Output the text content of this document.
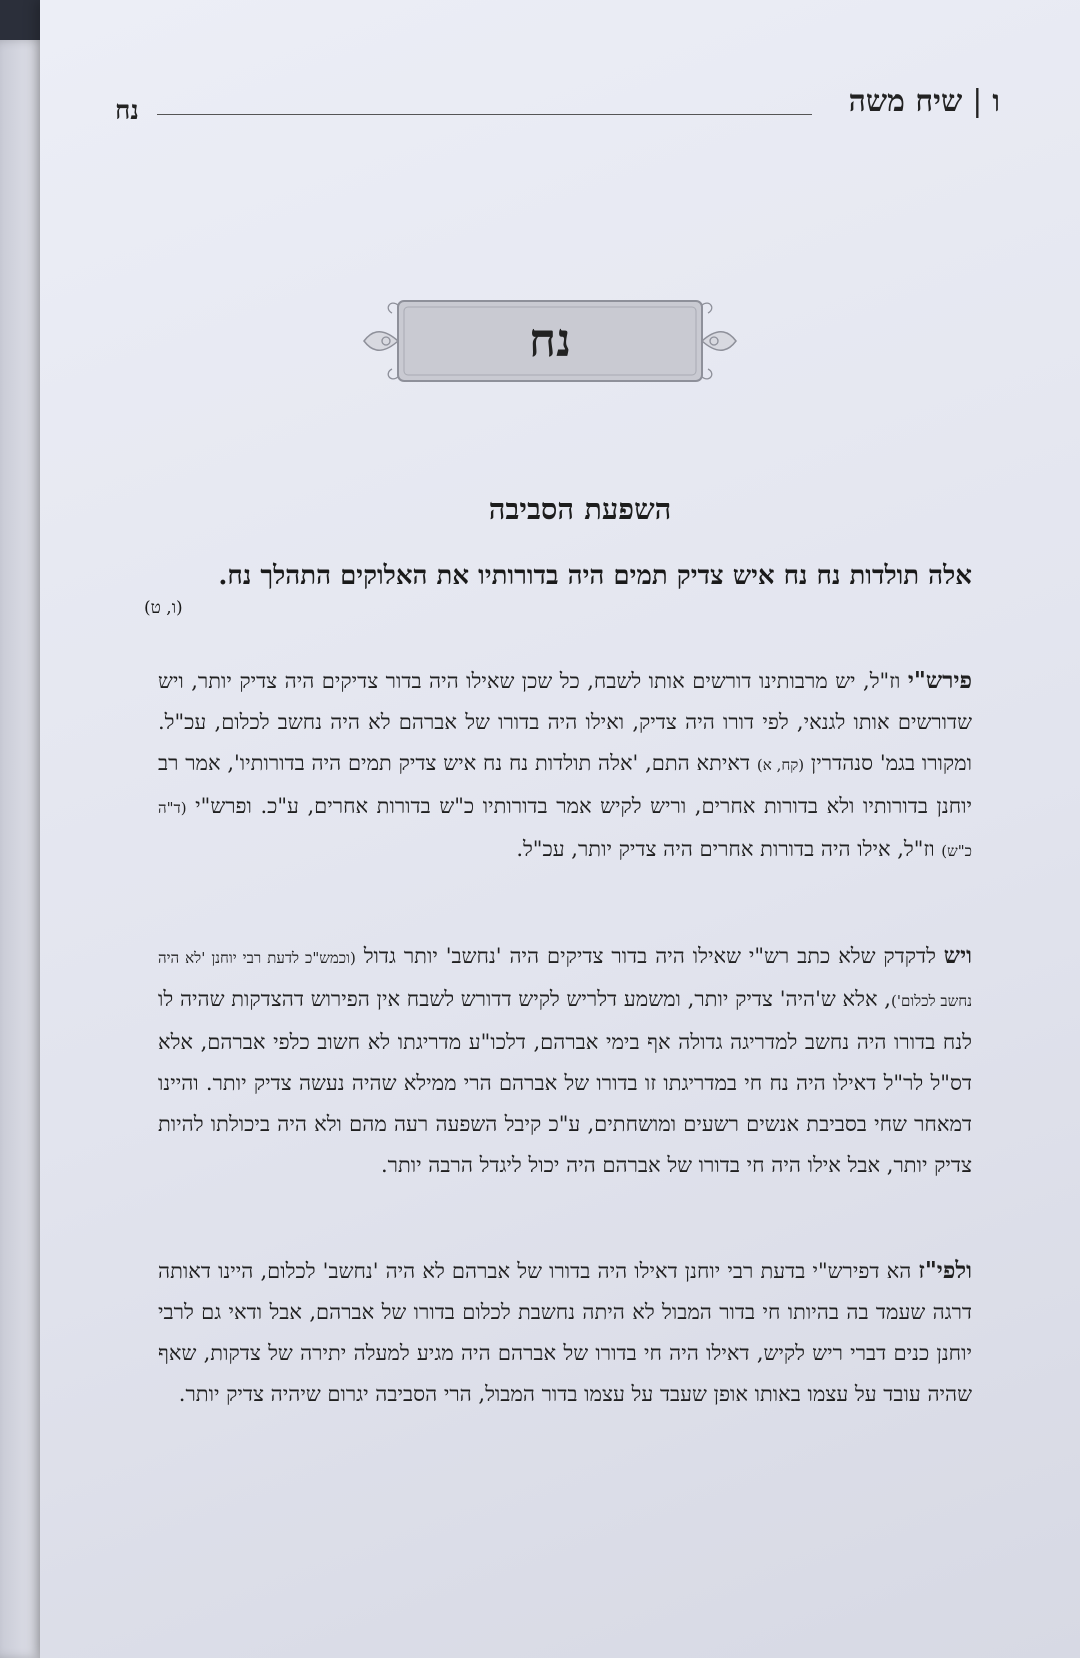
ו|שיח משה
נח
נח
השפעת הסביבה
אלה תולדות נח נח איש צדיק תמים היה בדורותיו את האלוקים התהלך נח.
(ו, ט)
פירש"י וז"ל, יש מרבותינו דורשים אותו לשבח, כל שכן שאילו היה בדור צדיקים היה צדיק יותר, ויש שדורשים אותו לגנאי, לפי דורו היה צדיק, ואילו היה בדורו של אברהם לא היה נחשב לכלום, עכ"ל. ומקורו בגמ' סנהדרין (קח, א) דאיתא התם, 'אלה תולדות נח נח איש צדיק תמים היה בדורותיו', אמר רב יוחנן בדורותיו ולא בדורות אחרים, וריש לקיש אמר בדורותיו כ"ש בדורות אחרים, ע"כ. ופרש"י (ד"ה כ"ש) וז"ל, אילו היה בדורות אחרים היה צדיק יותר, עכ"ל.
ויש לדקדק שלא כתב רש"י שאילו היה בדור צדיקים היה 'נחשב' יותר גדול (וכמש"כ לדעת רבי יוחנן 'לא היה נחשב לכלום'), אלא ש'היה' צדיק יותר, ומשמע דלריש לקיש דדורש לשבח אין הפירוש דהצדקות שהיה לו לנח בדורו היה נחשב למדריגה גדולה אף בימי אברהם, דלכו"ע מדריגתו לא חשוב כלפי אברהם, אלא דס"ל לר"ל דאילו היה נח חי במדריגתו זו בדורו של אברהם הרי ממילא שהיה נעשה צדיק יותר. והיינו דמאחר שחי בסביבת אנשים רשעים ומושחתים, ע"כ קיבל השפעה רעה מהם ולא היה ביכולתו להיות צדיק יותר, אבל אילו היה חי בדורו של אברהם היה יכול ליגדל הרבה יותר.
ולפי"ז הא דפירש"י בדעת רבי יוחנן דאילו היה בדורו של אברהם לא היה 'נחשב' לכלום, היינו דאותה דרגה שעמד בה בהיותו חי בדור המבול לא היתה נחשבת לכלום בדורו של אברהם, אבל ודאי גם לרבי יוחנן כנים דברי ריש לקיש, דאילו היה חי בדורו של אברהם היה מגיע למעלה יתירה של צדקות, שאף שהיה עובד על עצמו באותו אופן שעבד על עצמו בדור המבול, הרי הסביבה יגרום שיהיה צדיק יותר.
